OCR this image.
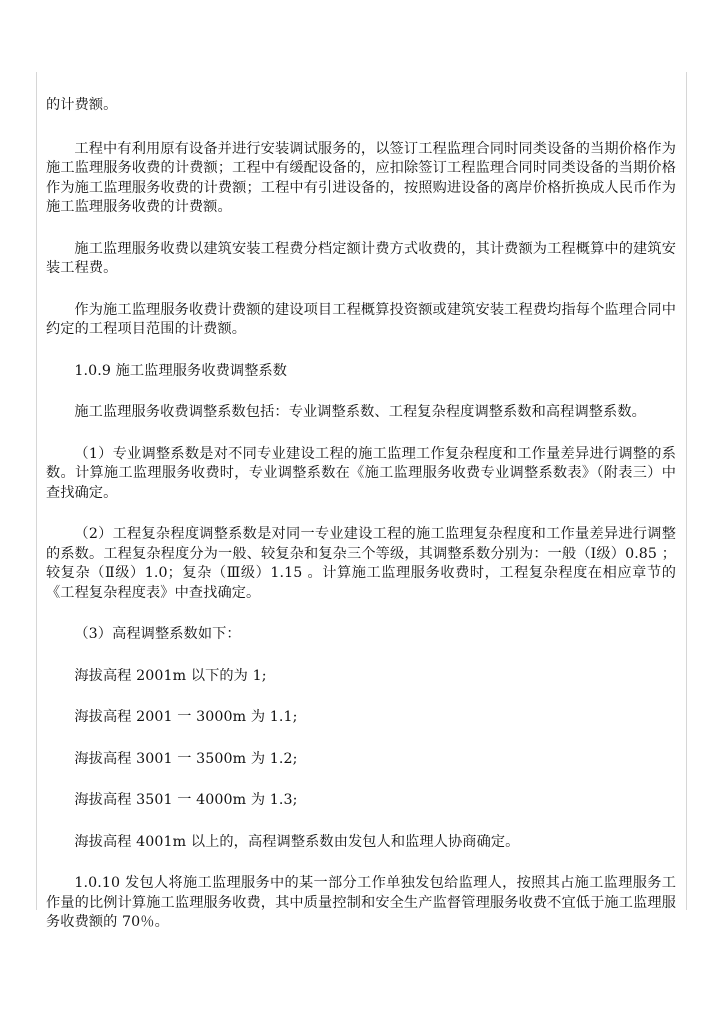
的计费额。

工程中有利用原有设备并进行安装调试服务的，以签订工程监理合同时同类设备的当期价格作为施工监理服务收费的计费额；工程中有缓配设备的，应扣除签订工程监理合同时同类设备的当期价格作为施工监理服务收费的计费额；工程中有引进设备的，按照购进设备的离岸价格折换成人民币作为施工监理服务收费的计费额。

施工监理服务收费以建筑安装工程费分档定额计费方式收费的，其计费额为工程概算中的建筑安装工程费。

作为施工监理服务收费计费额的建设项目工程概算投资额或建筑安装工程费均指每个监理合同中约定的工程项目范围的计费额。

1.0.9 施工监理服务收费调整系数

施工监理服务收费调整系数包括：专业调整系数、工程复杂程度调整系数和高程调整系数。

（1）专业调整系数是对不同专业建设工程的施工监理工作复杂程度和工作量差异进行调整的系数。计算施工监理服务收费时，专业调整系数在《施工监理服务收费专业调整系数表》（附表三）中查找确定。

（2）工程复杂程度调整系数是对同一专业建设工程的施工监理复杂程度和工作量差异进行调整的系数。工程复杂程度分为一般、较复杂和复杂三个等级，其调整系数分别为：一般（Ⅰ级）0.85 ；较复杂（Ⅱ级）1.0；复杂（Ⅲ级）1.15 。计算施工监理服务收费时，工程复杂程度在相应章节的《工程复杂程度表》中查找确定。

（3）高程调整系数如下：

海拔高程 2001m 以下的为 1;

海拔高程 2001 一 3000m 为 1.1;

海拔高程 3001 一 3500m 为 1.2;

海拔高程 3501 一 4000m 为 1.3;

海拔高程 4001m 以上的，高程调整系数由发包人和监理人协商确定。

1.0.10 发包人将施工监理服务中的某一部分工作单独发包给监理人，按照其占施工监理服务工作量的比例计算施工监理服务收费，其中质量控制和安全生产监督管理服务收费不宜低于施工监理服务收费额的 70％。
